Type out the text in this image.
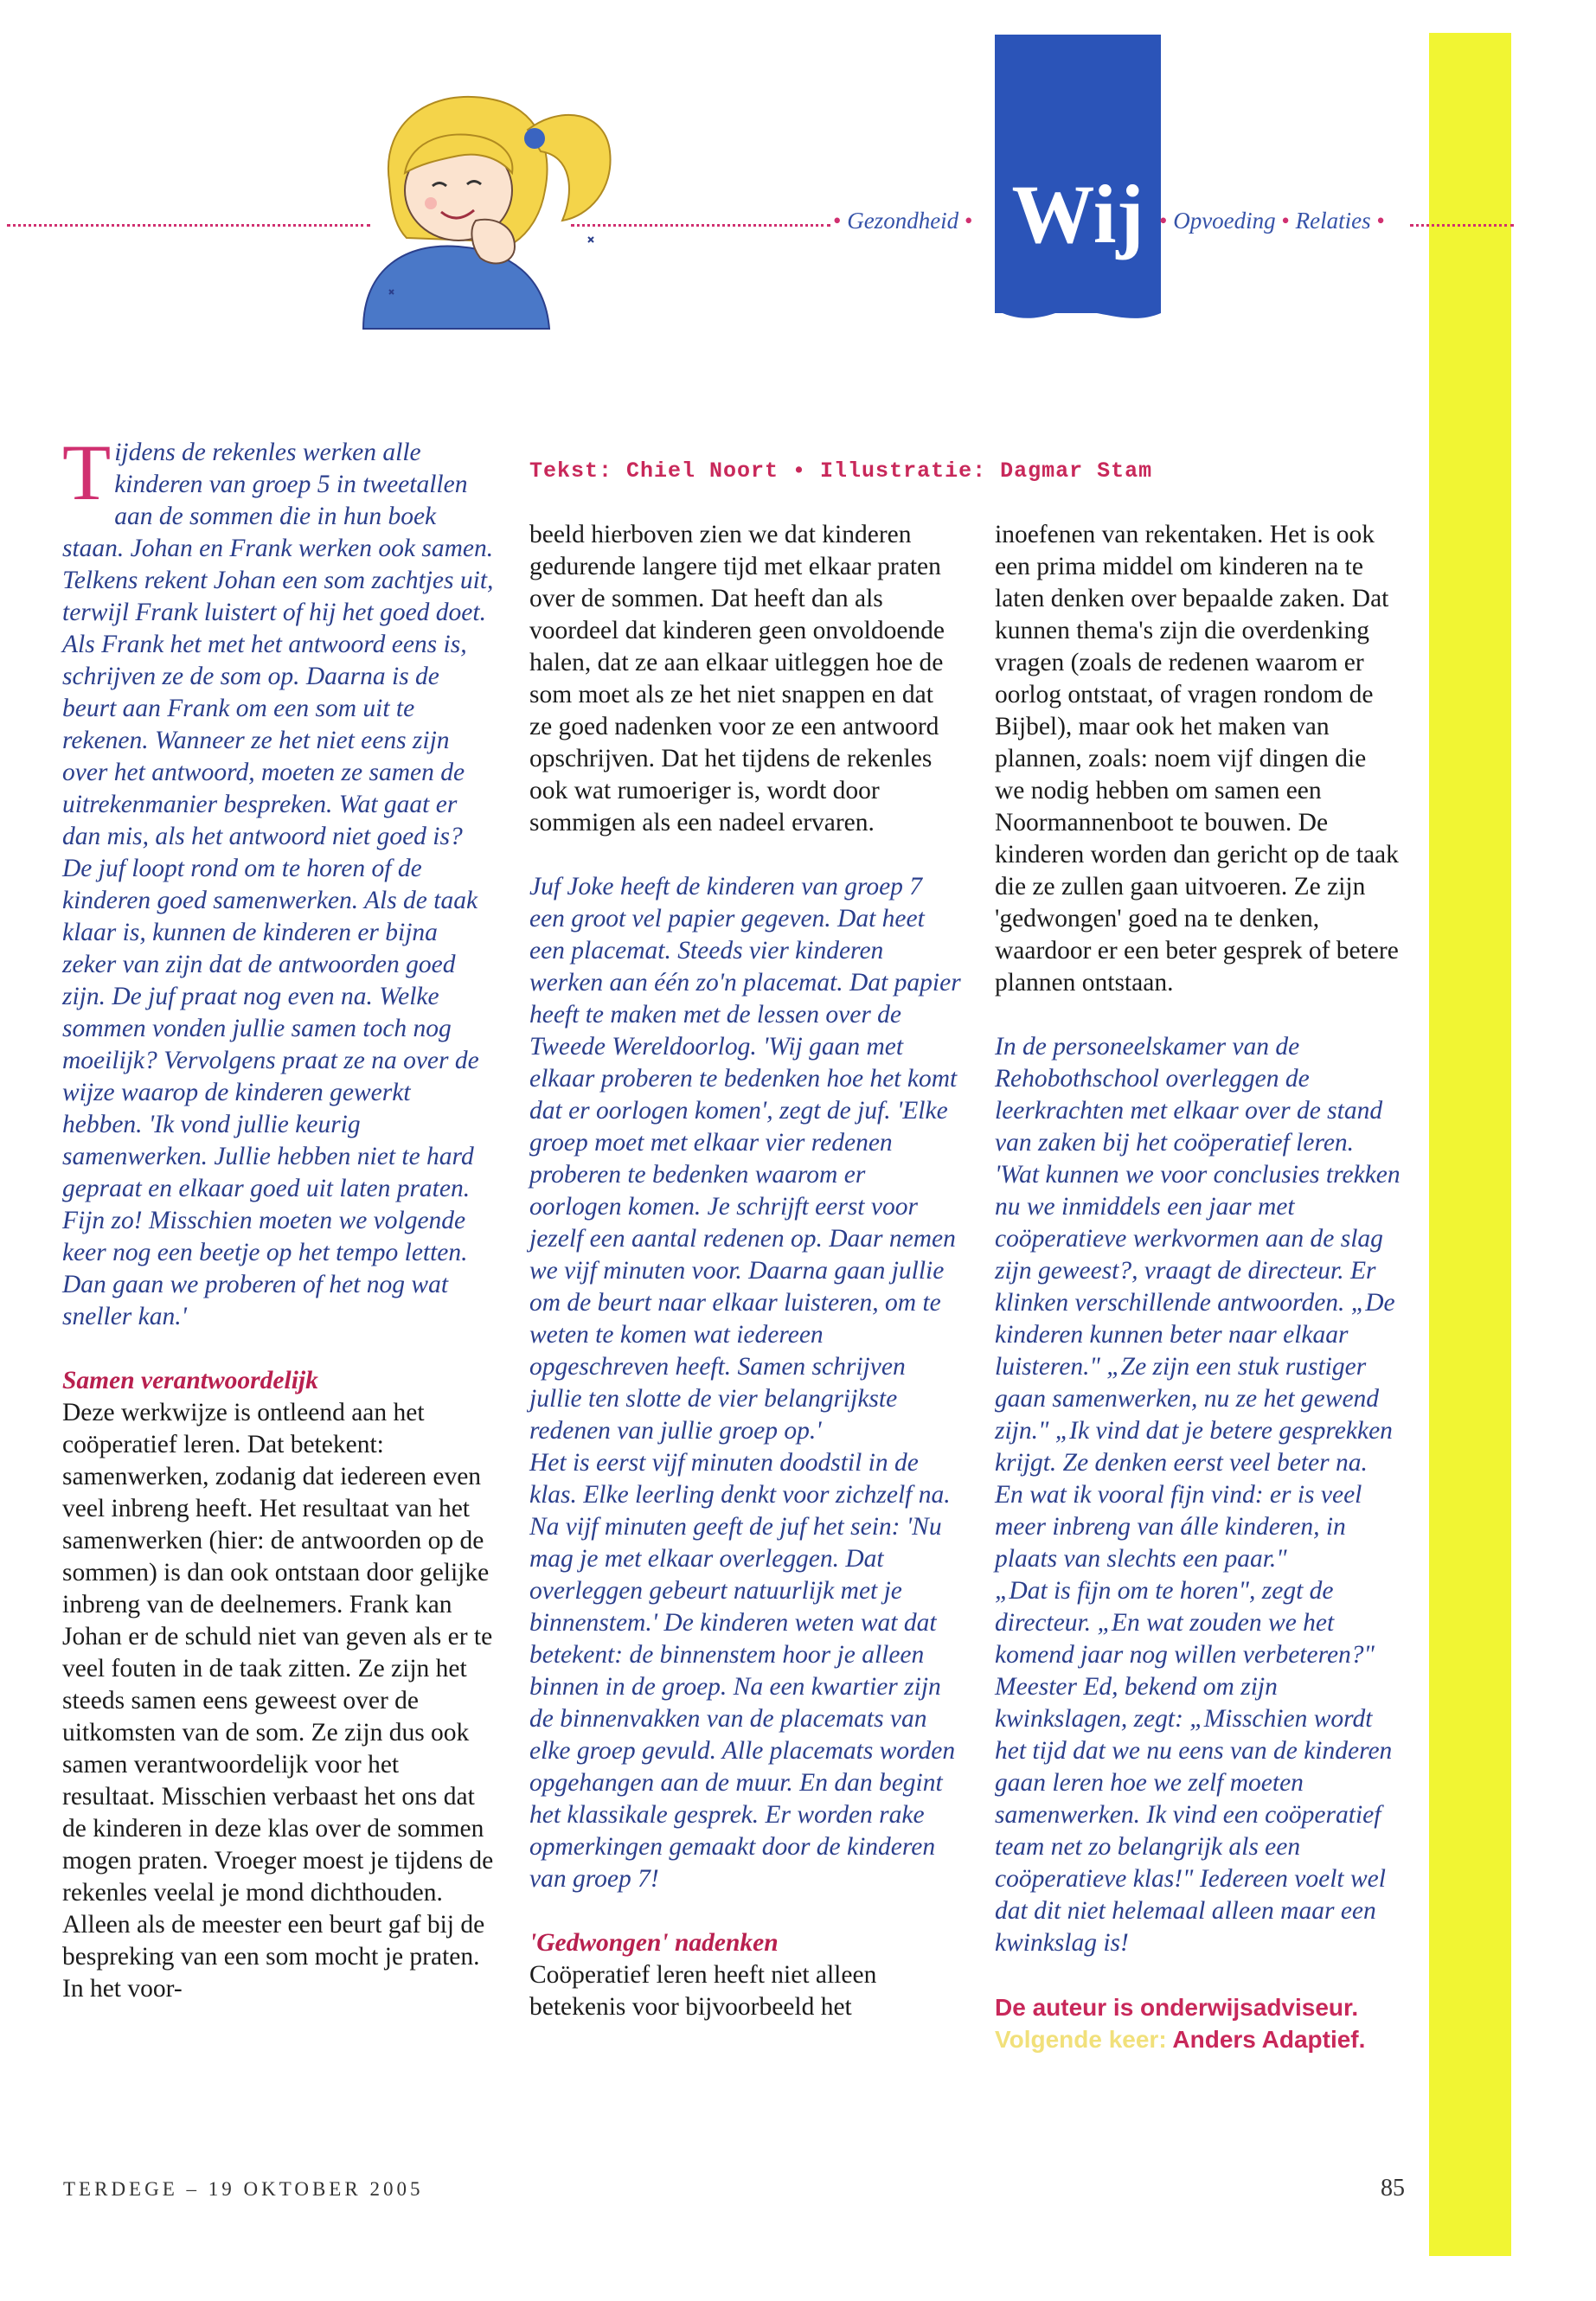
• Gezondheid • Wij • Opvoeding • Relaties •
Tekst: Chiel Noort • Illustratie: Dagmar Stam

Tijdens de rekenles werken alle kinderen van groep 5 in tweetallen aan de sommen die in hun boek staan. Johan en Frank werken ook samen. Telkens rekent Johan een som zachtjes uit, terwijl Frank luistert of hij het goed doet. Als Frank het met het antwoord eens is, schrijven ze de som op. Daarna is de beurt aan Frank om een som uit te rekenen. Wanneer ze het niet eens zijn over het antwoord, moeten ze samen de uitrekenmanier bespreken. Wat gaat er dan mis, als het antwoord niet goed is?

De juf loopt rond om te horen of de kinderen goed samenwerken. Als de taak klaar is, kunnen de kinderen er bijna zeker van zijn dat de antwoorden goed zijn. De juf praat nog even na. Welke sommen vonden jullie samen toch nog moeilijk? Vervolgens praat ze na over de wijze waarop de kinderen gewerkt hebben. 'Ik vond jullie keurig samenwerken. Jullie hebben niet te hard gepraat en elkaar goed uit laten praten. Fijn zo! Misschien moeten we volgende keer nog een beetje op het tempo letten. Dan gaan we proberen of het nog wat sneller kan.'

Samen verantwoordelijk

Deze werkwijze is ontleend aan het coöperatief leren. Dat betekent: samenwerken, zodanig dat iedereen even veel inbreng heeft. Het resultaat van het samenwerken (hier: de antwoorden op de sommen) is dan ook ontstaan door gelijke inbreng van de deelnemers. Frank kan Johan er de schuld niet van geven als er te veel fouten in de taak zitten. Ze zijn het steeds samen eens geweest over de uitkomsten van de som. Ze zijn dus ook samen verantwoordelijk voor het resultaat. Misschien verbaast het ons dat de kinderen in deze klas over de sommen mogen praten. Vroeger moest je tijdens de rekenles veelal je mond dichthouden. Alleen als de meester een beurt gaf bij de bespreking van een som mocht je praten. In het voor-

beeld hierboven zien we dat kinderen gedurende langere tijd met elkaar praten over de sommen. Dat heeft dan als voordeel dat kinderen geen onvoldoende halen, dat ze aan elkaar uitleggen hoe de som moet als ze het niet snappen en dat ze goed nadenken voor ze een antwoord opschrijven. Dat het tijdens de rekenles ook wat rumoeriger is, wordt door sommigen als een nadeel ervaren.

Juf Joke heeft de kinderen van groep 7 een groot vel papier gegeven. Dat heet een placemat. Steeds vier kinderen werken aan één zo'n placemat. Dat papier heeft te maken met de lessen over de Tweede Wereldoorlog. 'Wij gaan met elkaar proberen te bedenken hoe het komt dat er oorlogen komen', zegt de juf. 'Elke groep moet met elkaar vier redenen proberen te bedenken waarom er oorlogen komen. Je schrijft eerst voor jezelf een aantal redenen op. Daar nemen we vijf minuten voor. Daarna gaan jullie om de beurt naar elkaar luisteren, om te weten te komen wat iedereen opgeschreven heeft. Samen schrijven jullie ten slotte de vier belangrijkste redenen van jullie groep op.'

Het is eerst vijf minuten doodstil in de klas. Elke leerling denkt voor zichzelf na. Na vijf minuten geeft de juf het sein: 'Nu mag je met elkaar overleggen. Dat overleggen gebeurt natuurlijk met je binnenstem.' De kinderen weten wat dat betekent: de binnenstem hoor je alleen binnen in de groep. Na een kwartier zijn de binnenvakken van de placemats van elke groep gevuld. Alle placemats worden opgehangen aan de muur. En dan begint het klassikale gesprek. Er worden rake opmerkingen gemaakt door de kinderen van groep 7!

'Gedwongen' nadenken

Coöperatief leren heeft niet alleen betekenis voor bijvoorbeeld het

inoefenen van rekentaken. Het is ook een prima middel om kinderen na te laten denken over bepaalde zaken. Dat kunnen thema's zijn die overdenking vragen (zoals de redenen waarom er oorlog ontstaat, of vragen rondom de Bijbel), maar ook het maken van plannen, zoals: noem vijf dingen die we nodig hebben om samen een Noormannenboot te bouwen. De kinderen worden dan gericht op de taak die ze zullen gaan uitvoeren. Ze zijn 'gedwongen' goed na te denken, waardoor er een beter gesprek of betere plannen ontstaan.

In de personeelskamer van de Rehobothschool overleggen de leerkrachten met elkaar over de stand van zaken bij het coöperatief leren. 'Wat kunnen we voor conclusies trekken nu we inmiddels een jaar met coöperatieve werkvormen aan de slag zijn geweest?, vraagt de directeur. Er klinken verschillende antwoorden. „De kinderen kunnen beter naar elkaar luisteren." „Ze zijn een stuk rustiger gaan samenwerken, nu ze het gewend zijn." „Ik vind dat je betere gesprekken krijgt. Ze denken eerst veel beter na. En wat ik vooral fijn vind: er is veel meer inbreng van álle kinderen, in plaats van slechts een paar."

„Dat is fijn om te horen", zegt de directeur. „En wat zouden we het komend jaar nog willen verbeteren?" Meester Ed, bekend om zijn kwinkslagen, zegt: „Misschien wordt het tijd dat we nu eens van de kinderen gaan leren hoe we zelf moeten samenwerken. Ik vind een coöperatief team net zo belangrijk als een coöperatieve klas!" Iedereen voelt wel dat dit niet helemaal alleen maar een kwinkslag is!

De auteur is onderwijsadviseur.

Volgende keer: Anders Adaptief.

TERDEGE – 19 OKTOBER 2005	85
